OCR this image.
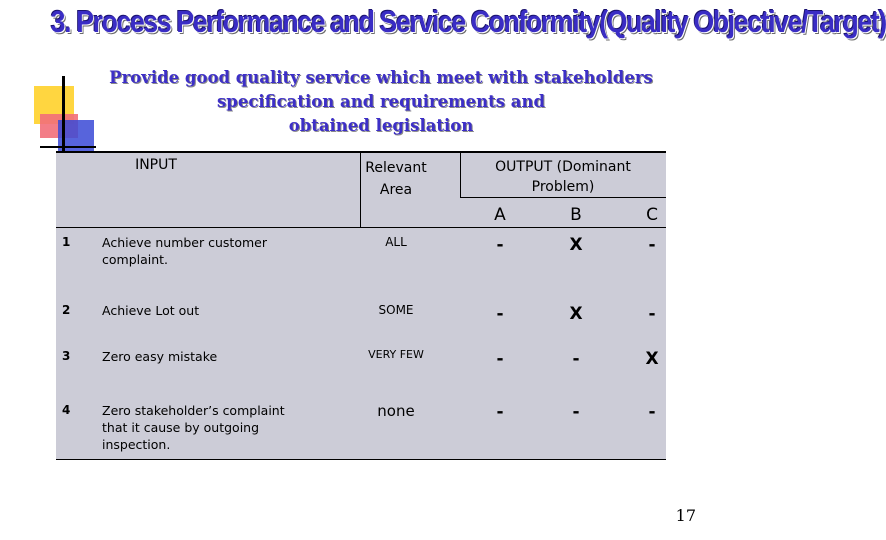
3. Process Performance and Service Conformity(Quality Objective/Target)
Provide good quality service which meet with stakeholders
specification and requirements and
obtained legislation
INPUT	Relevant
Area
OUTPUT (Dominant
Problem)
A	B	C
1	Achieve number customer
complaint.
ALL	-	X	-
2	Achieve Lot out	SOME	-	X	-
3	Zero easy mistake	VERY FEW	-	-	X
4	Zero stakeholder’s complaint
that it cause by outgoing
inspection.
none	-	-	-
17
